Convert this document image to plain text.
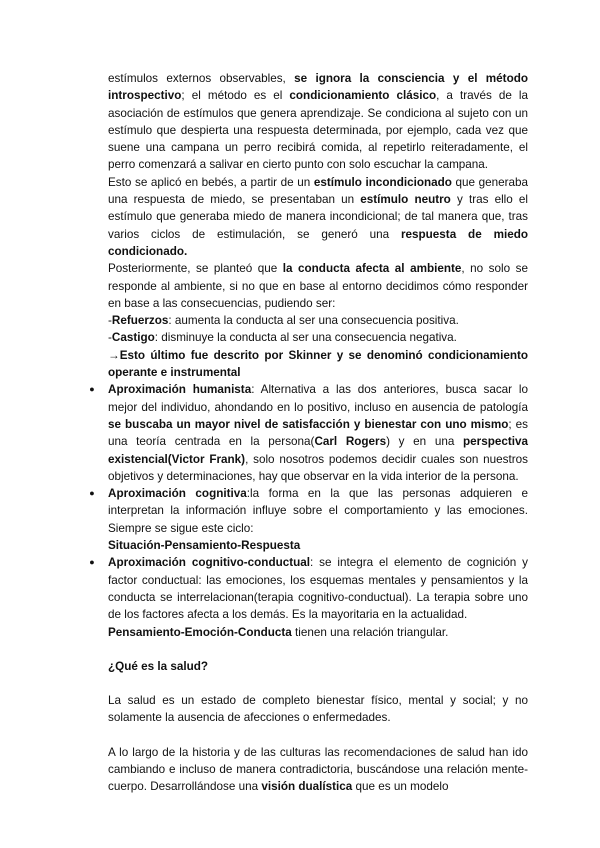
estímulos externos observables, se ignora la consciencia y el método introspectivo; el método es el condicionamiento clásico, a través de la asociación de estímulos que genera aprendizaje. Se condiciona al sujeto con un estímulo que despierta una respuesta determinada, por ejemplo, cada vez que suene una campana un perro recibirá comida, al repetirlo reiteradamente, el perro comenzará a salivar en cierto punto con solo escuchar la campana.

Esto se aplicó en bebés, a partir de un estímulo incondicionado que generaba una respuesta de miedo, se presentaban un estímulo neutro y tras ello el estímulo que generaba miedo de manera incondicional; de tal manera que, tras varios ciclos de estimulación, se generó una respuesta de miedo condicionado.

Posteriormente, se planteó que la conducta afecta al ambiente, no solo se responde al ambiente, si no que en base al entorno decidimos cómo responder en base a las consecuencias, pudiendo ser:

-Refuerzos: aumenta la conducta al ser una consecuencia positiva.

-Castigo: disminuye la conducta al ser una consecuencia negativa.

→Esto último fue descrito por Skinner y se denominó condicionamiento operante e instrumental

● Aproximación humanista: Alternativa a las dos anteriores, busca sacar lo mejor del individuo, ahondando en lo positivo, incluso en ausencia de patología se buscaba un mayor nivel de satisfacción y bienestar con uno mismo; es una teoría centrada en la persona(Carl Rogers) y en una perspectiva existencial(Victor Frank), solo nosotros podemos decidir cuales son nuestros objetivos y determinaciones, hay que observar en la vida interior de la persona.

● Aproximación cognitiva:la forma en la que las personas adquieren e interpretan la información influye sobre el comportamiento y las emociones. Siempre se sigue este ciclo:
Situación-Pensamiento-Respuesta

● Aproximación cognitivo-conductual: se integra el elemento de cognición y factor conductual: las emociones, los esquemas mentales y pensamientos y la conducta se interrelacionan(terapia cognitivo-conductual). La terapia sobre uno de los factores afecta a los demás. Es la mayoritaria en la actualidad.
Pensamiento-Emoción-Conducta tienen una relación triangular.

¿Qué es la salud?

La salud es un estado de completo bienestar físico, mental y social; y no solamente la ausencia de afecciones o enfermedades.

A lo largo de la historia y de las culturas las recomendaciones de salud han ido cambiando e incluso de manera contradictoria, buscándose una relación mente-cuerpo. Desarrollándose una visión dualística que es un modelo
